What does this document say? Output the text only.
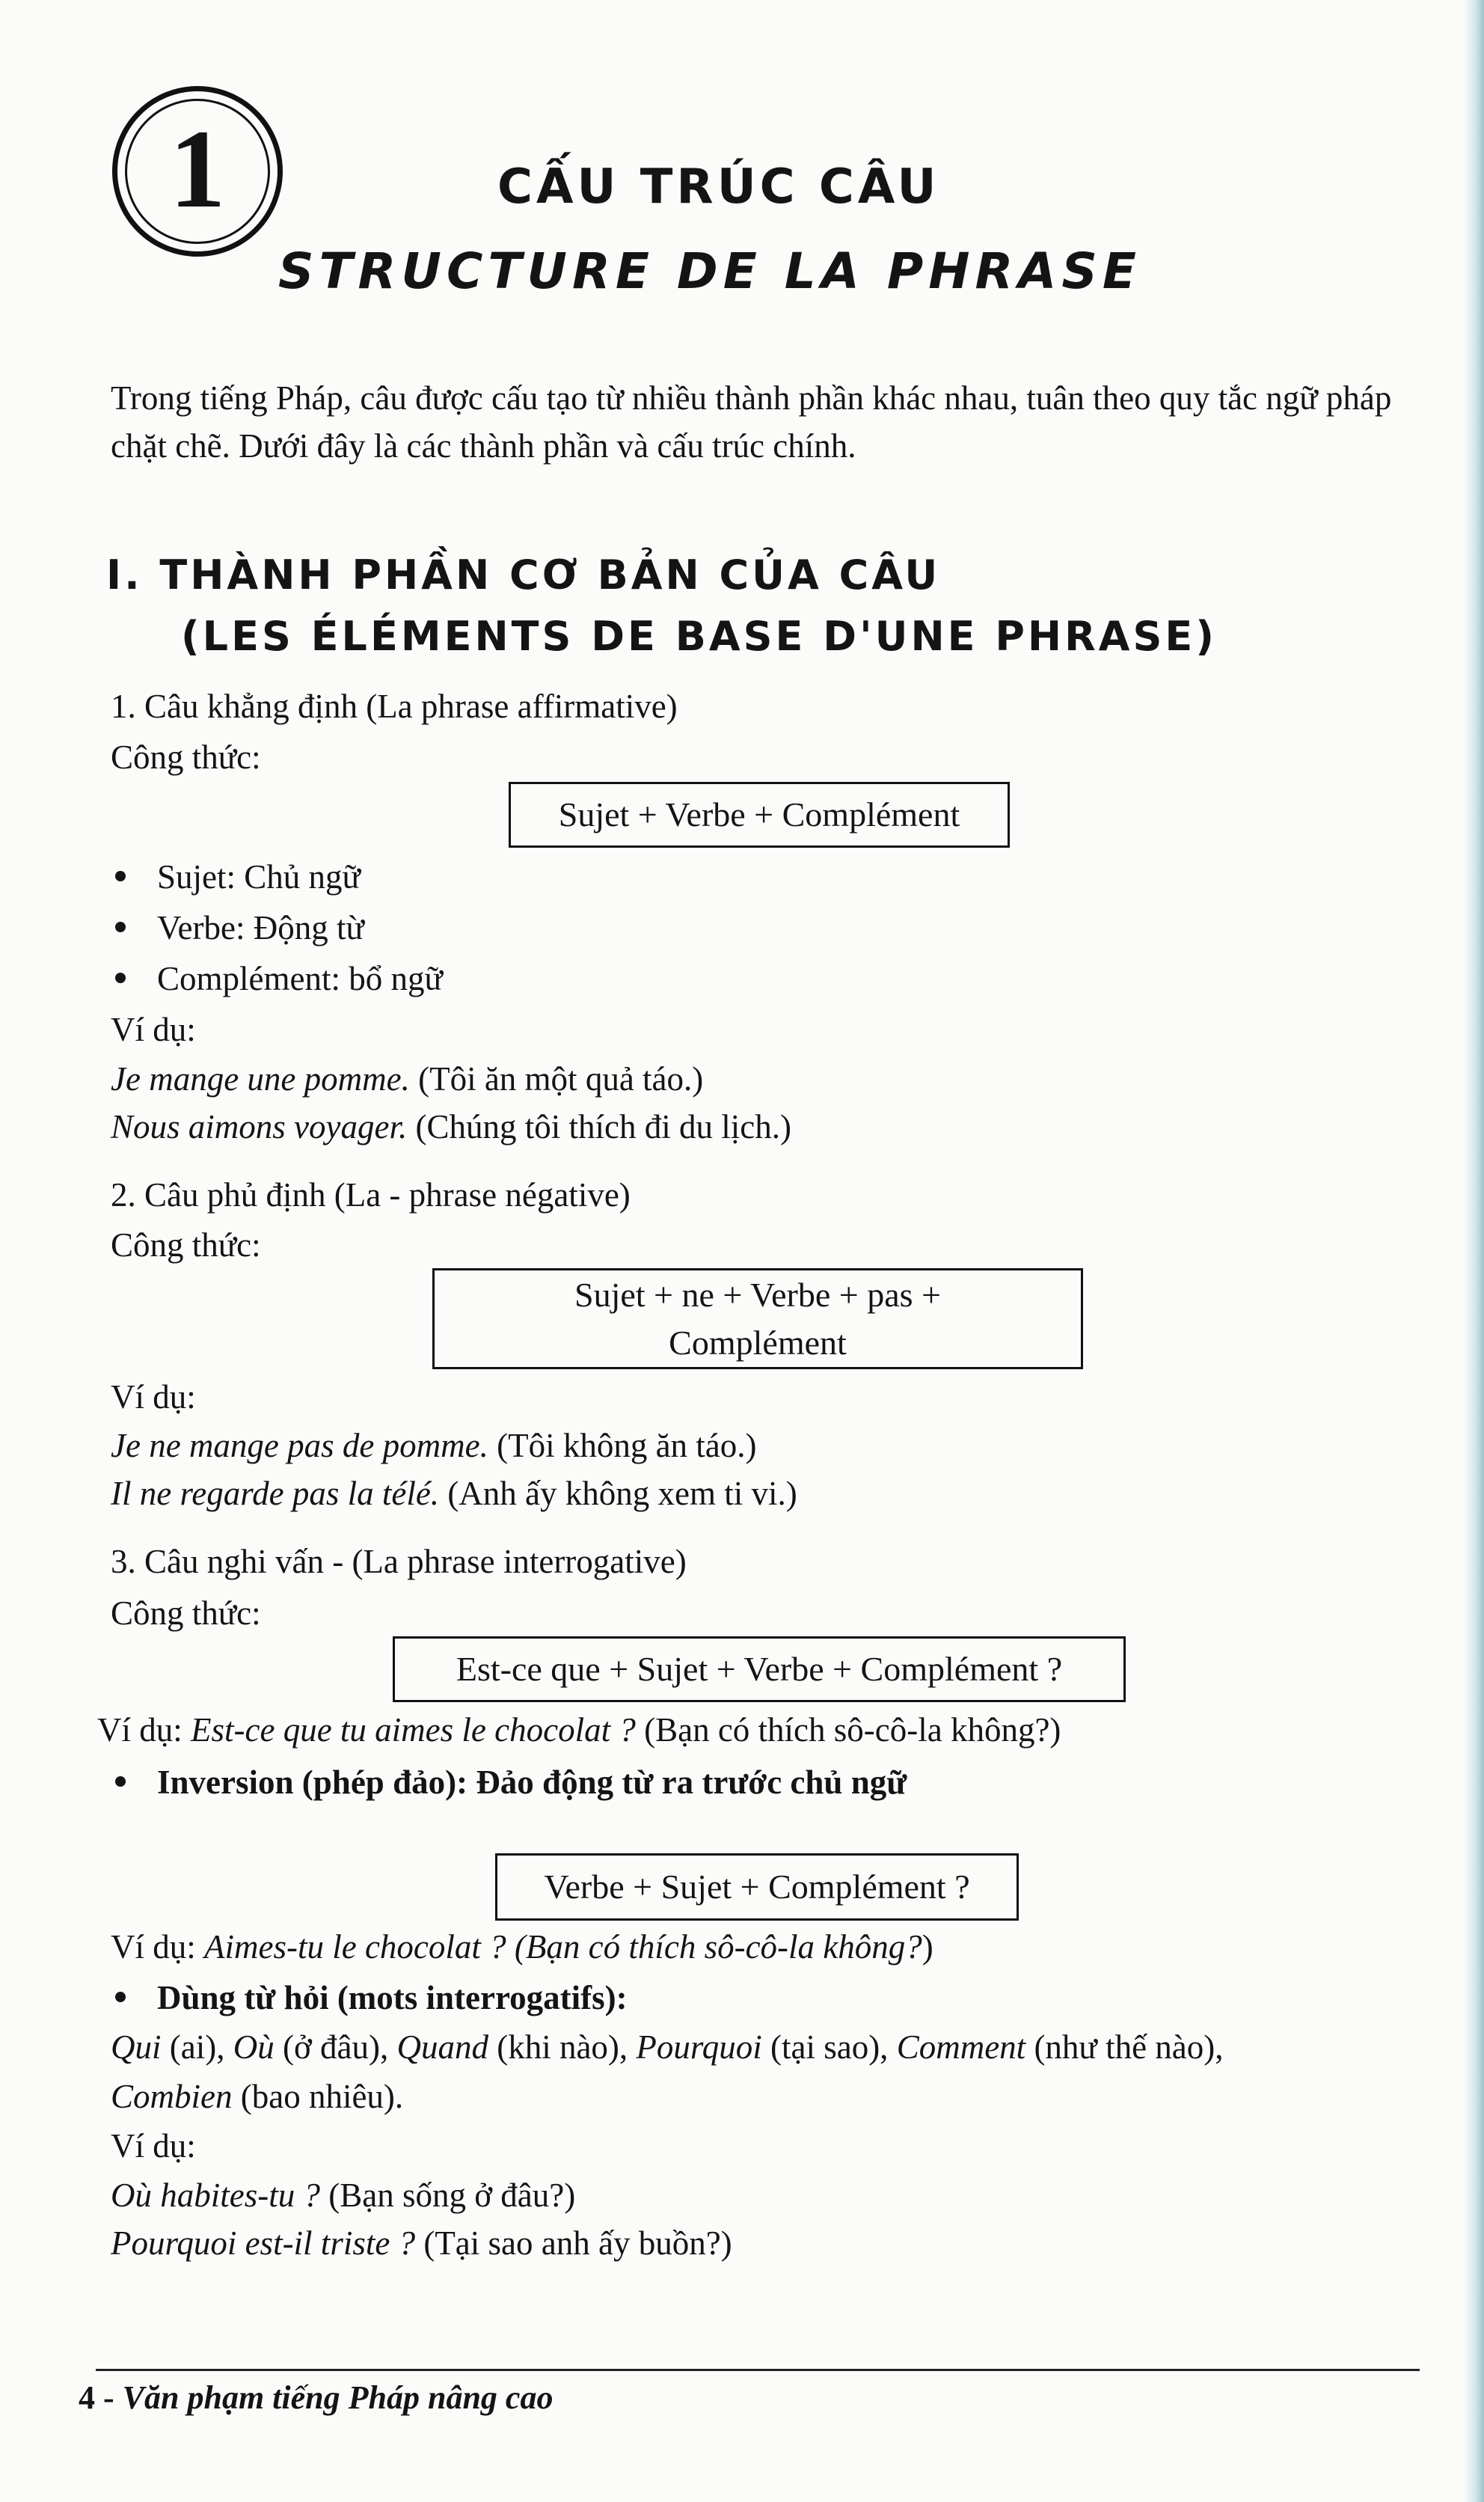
1	CẤU TRÚC CÂU
STRUCTURE DE LA PHRASE
Trong tiếng Pháp, câu được cấu tạo từ nhiều thành phần khác nhau, tuân theo quy tắc ngữ pháp chặt chẽ. Dưới đây là các thành phần và cấu trúc chính.
I. THÀNH PHẦN CƠ BẢN CỦA CÂU
(LES ÉLÉMENTS DE BASE D'UNE PHRASE)
1. Câu khẳng định (La phrase affirmative)
Công thức:
Sujet + Verbe + Complément
Sujet: Chủ ngữ
Verbe: Động từ
Complément: bổ ngữ
Ví dụ:
Je mange une pomme. (Tôi ăn một quả táo.)
Nous aimons voyager. (Chúng tôi thích đi du lịch.)
2. Câu phủ định (La - phrase négative)
Công thức:
Sujet + ne + Verbe + pas +
Complément
Ví dụ:
Je ne mange pas de pomme. (Tôi không ăn táo.)
Il ne regarde pas la télé. (Anh ấy không xem ti vi.)
3. Câu nghi vấn - (La phrase interrogative)
Công thức:
Est-ce que + Sujet + Verbe + Complément ?
Ví dụ: Est-ce que tu aimes le chocolat ? (Bạn có thích sô-cô-la không?)
Inversion (phép đảo): Đảo động từ ra trước chủ ngữ
Verbe + Sujet + Complément ?
Ví dụ: Aimes-tu le chocolat ? (Bạn có thích sô-cô-la không?)
Dùng từ hỏi (mots interrogatifs):
Qui (ai), Où (ở đâu), Quand (khi nào), Pourquoi (tại sao), Comment (như thế nào),
Combien (bao nhiêu).
Ví dụ:
Où habites-tu ? (Bạn sống ở đâu?)
Pourquoi est-il triste ? (Tại sao anh ấy buồn?)
4 - Văn phạm tiếng Pháp nâng cao
